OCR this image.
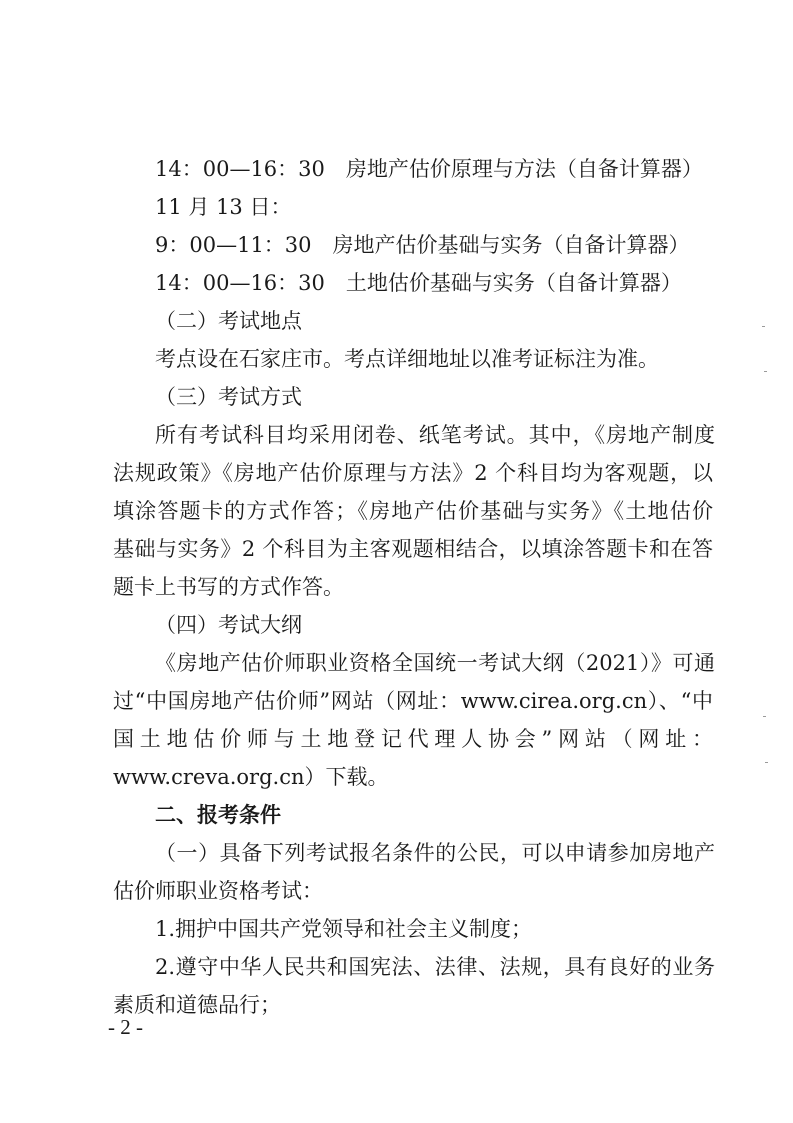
14：00—16：30　房地产估价原理与方法（自备计算器）
11 月 13 日：
9：00—11：30　房地产估价基础与实务（自备计算器）
14：00—16：30　土地估价基础与实务（自备计算器）
（二）考试地点
考点设在石家庄市。考点详细地址以准考证标注为准。
（三）考试方式
所有考试科目均采用闭卷、纸笔考试。其中，《房地产制度
法规政策》《房地产估价原理与方法》2 个科目均为客观题，以
填涂答题卡的方式作答；《房地产估价基础与实务》《土地估价
基础与实务》2 个科目为主客观题相结合，以填涂答题卡和在答
题卡上书写的方式作答。
（四）考试大纲
《房地产估价师职业资格全国统一考试大纲（2021）》可通
过“中国房地产估价师”网站（网址：www.cirea.org.cn）、“中
国土地估价师与土地登记代理人协会”网站（网址：
www.creva.org.cn）下载。
二、报考条件
（一）具备下列考试报名条件的公民，可以申请参加房地产
估价师职业资格考试：
1.拥护中国共产党领导和社会主义制度；
2.遵守中华人民共和国宪法、法律、法规，具有良好的业务
素质和道德品行；
- 2 -
